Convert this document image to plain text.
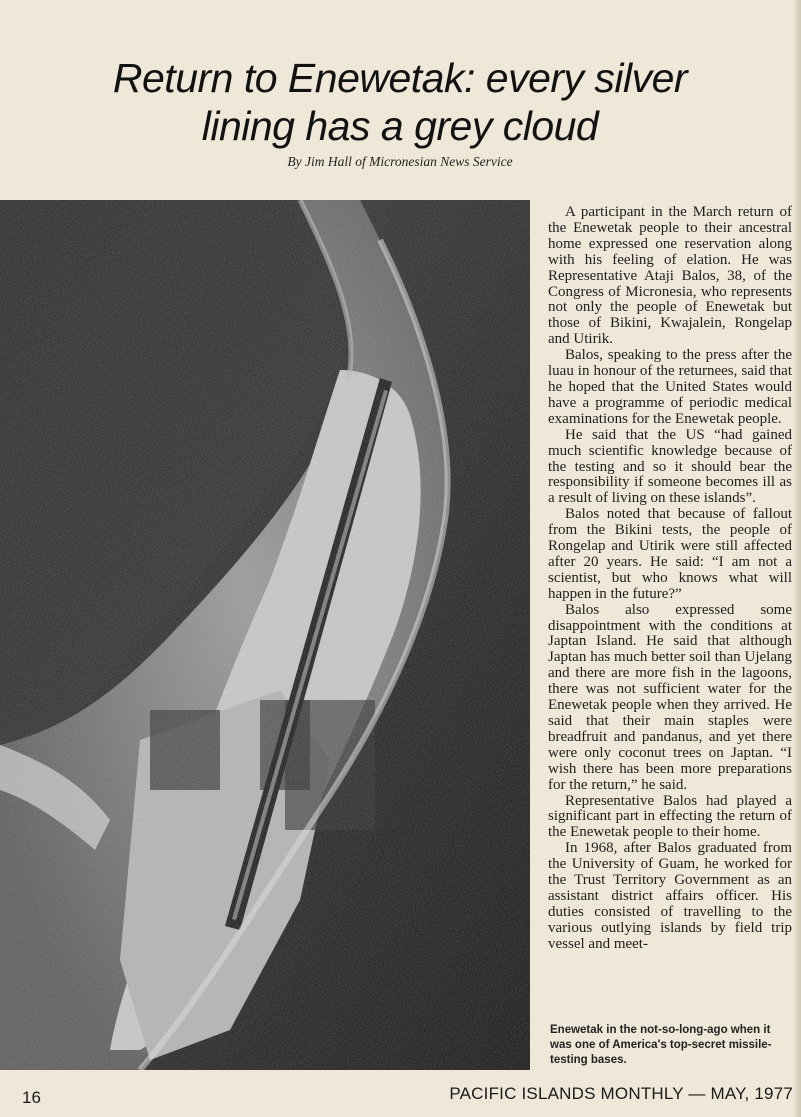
Return to Enewetak: every silver
lining has a grey cloud
By Jim Hall of Micronesian News Service

A participant in the March return of the Enewetak people to their ancestral home expressed one reservation along with his feeling of elation. He was Representative Ataji Balos, 38, of the Congress of Micronesia, who represents not only the people of Enewetak but those of Bikini, Kwajalein, Rongelap and Utirik.

Balos, speaking to the press after the luau in honour of the returnees, said that he hoped that the United States would have a programme of periodic medical examinations for the Enewetak people.

He said that the US “had gained much scientific knowledge because of the testing and so it should bear the responsibility if someone becomes ill as a result of living on these islands”.

Balos noted that because of fallout from the Bikini tests, the people of Rongelap and Utirik were still affected after 20 years. He said: “I am not a scientist, but who knows what will happen in the future?”

Balos also expressed some disappointment with the conditions at Japtan Island. He said that although Japtan has much better soil than Ujelang and there are more fish in the lagoons, there was not sufficient water for the Enewetak people when they arrived. He said that their main staples were breadfruit and pandanus, and yet there were only coconut trees on Japtan. “I wish there has been more preparations for the return,” he said.

Representative Balos had played a significant part in effecting the return of the Enewetak people to their home.

In 1968, after Balos graduated from the University of Guam, he worked for the Trust Territory Government as an assistant district affairs officer. His duties consisted of travelling to the various outlying islands by field trip vessel and meet-

Enewetak in the not-so-long-ago when it was one of America's top-secret missile-testing bases.
16	PACIFIC ISLANDS MONTHLY — MAY, 1977
